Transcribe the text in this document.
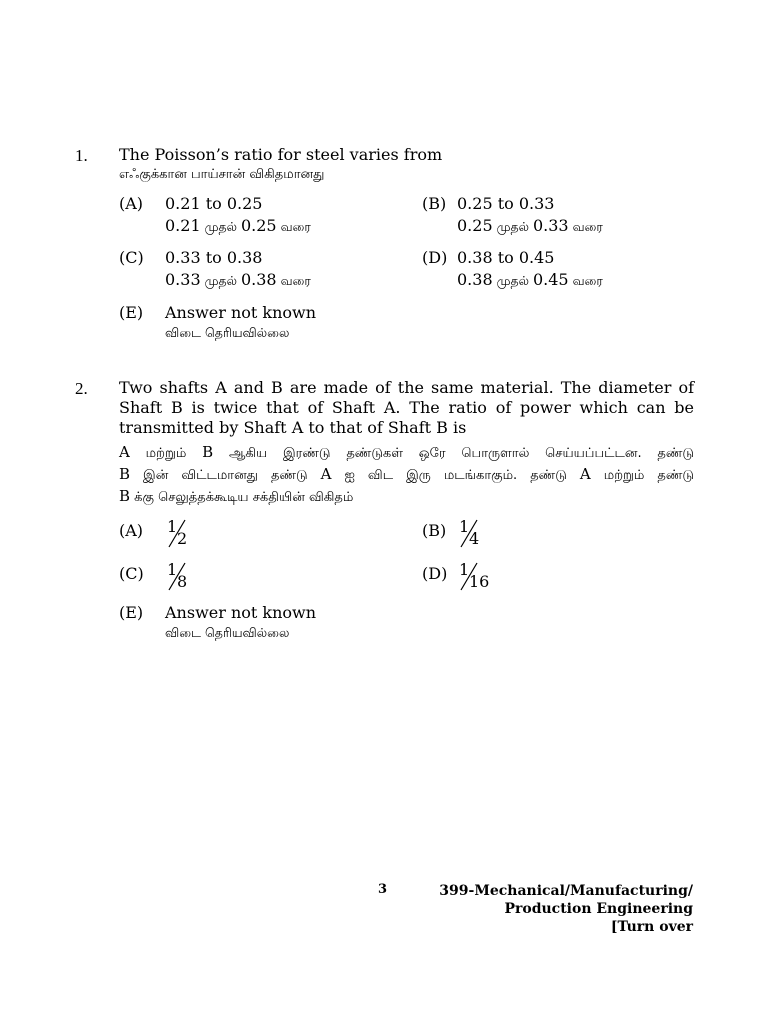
1. The Poisson’s ratio for steel varies from
எஃகுக்கான பாய்சான் விகிதமானது
(A) 0.21 to 0.25
0.21 முதல் 0.25 வரை
(B) 0.25 to 0.33
0.25 முதல் 0.33 வரை
(C) 0.33 to 0.38
0.33 முதல் 0.38 வரை
(D) 0.38 to 0.45
0.38 முதல் 0.45 வரை
(E) Answer not known
விடை தெரியவில்லை
2. Two shafts A and B are made of the same material. The diameter of Shaft B is twice that of Shaft A. The ratio of power which can be transmitted by Shaft A to that of Shaft B is
A மற்றும் B ஆகிய இரண்டு தண்டுகள் ஒரே பொருளால் செய்யப்பட்டன. தண்டு
B இன் விட்டமானது தண்டு A ஐ விட இரு மடங்காகும். தண்டு A மற்றும் தண்டு
B க்கு செலுத்தக்கூடிய சக்தியின் விகிதம்
(A) 1
2	(B) 1
4
(C) 1
8	(D) 1
16
(E) Answer not known
விடை தெரியவில்லை
3	399-Mechanical/Manufacturing/
Production Engineering
[Turn over
